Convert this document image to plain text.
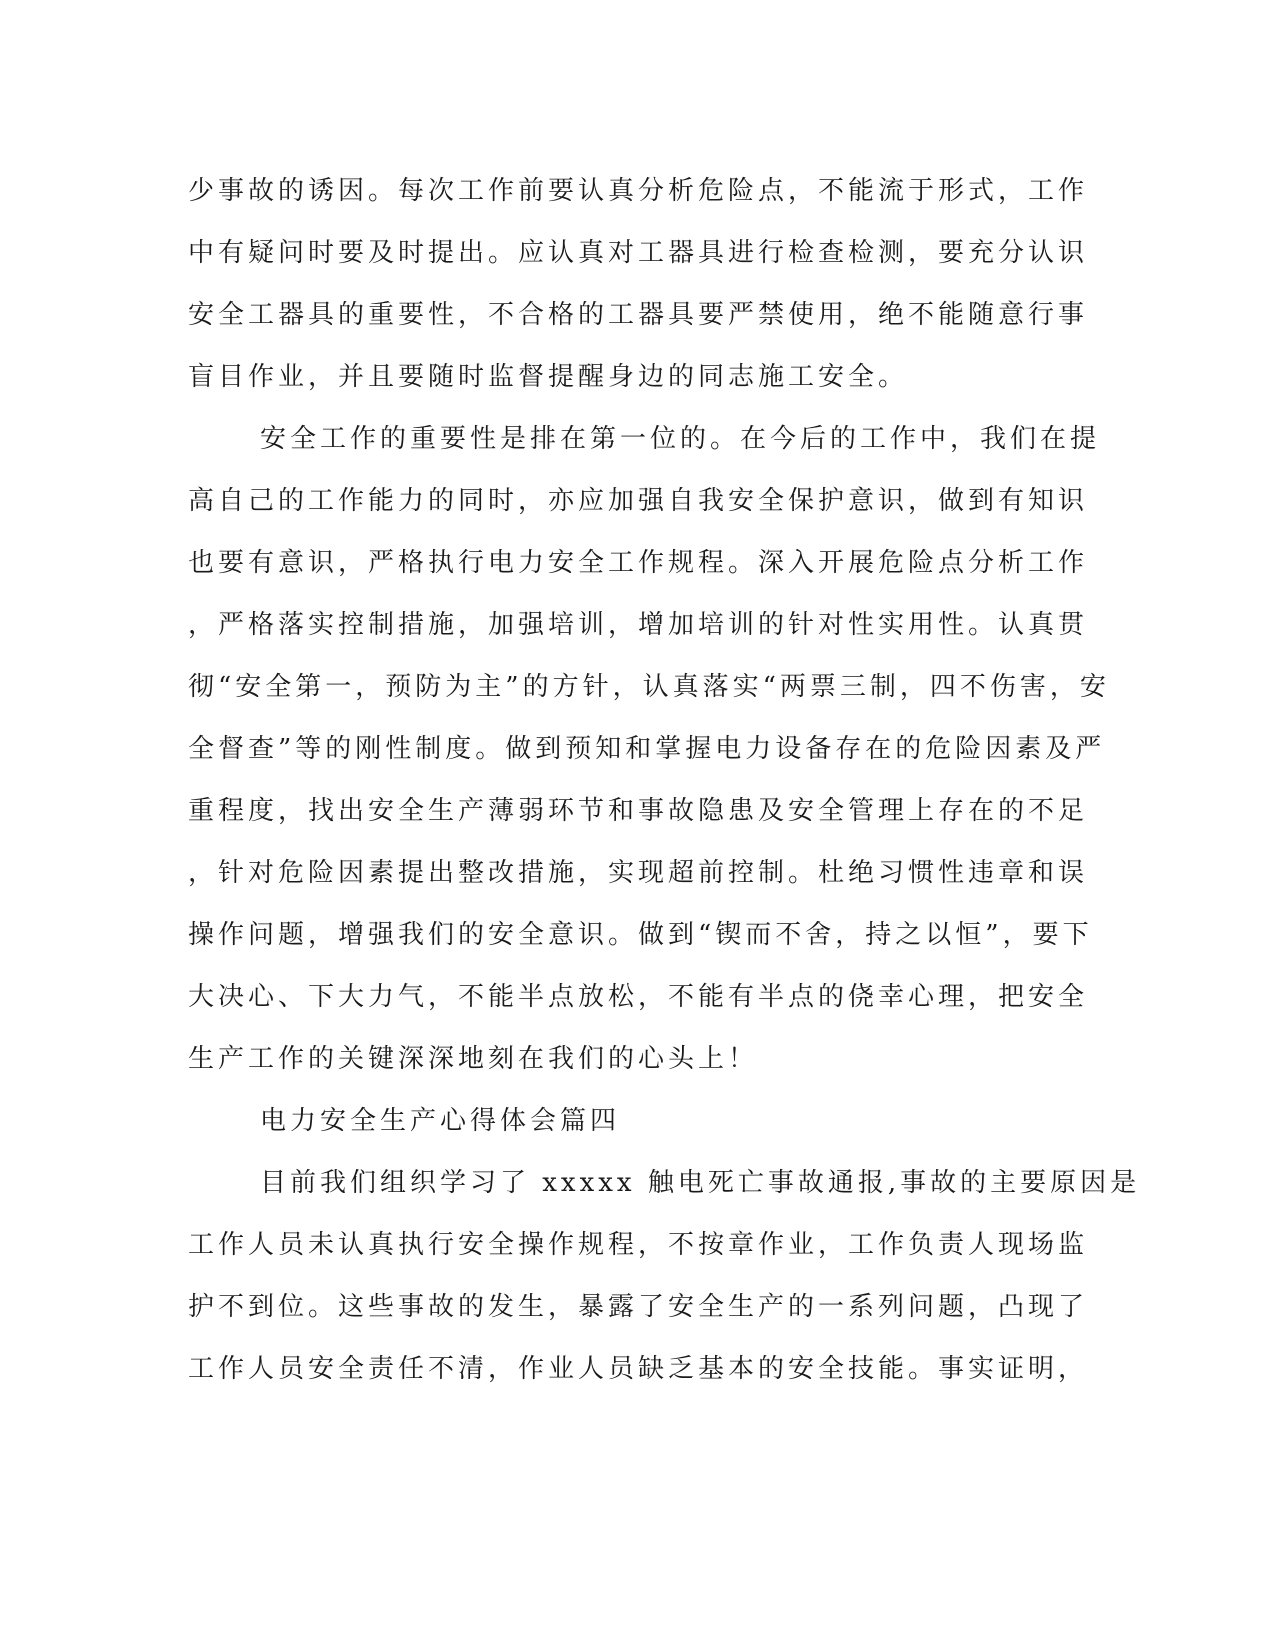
少事故的诱因。每次工作前要认真分析危险点，不能流于形式，工作
中有疑问时要及时提出。应认真对工器具进行检查检测，要充分认识
安全工器具的重要性，不合格的工器具要严禁使用，绝不能随意行事
盲目作业，并且要随时监督提醒身边的同志施工安全。
安全工作的重要性是排在第一位的。在今后的工作中，我们在提
高自己的工作能力的同时，亦应加强自我安全保护意识，做到有知识
也要有意识，严格执行电力安全工作规程。深入开展危险点分析工作
，严格落实控制措施，加强培训，增加培训的针对性实用性。认真贯
彻“安全第一，预防为主”的方针，认真落实“两票三制，四不伤害，安
全督查”等的刚性制度。做到预知和掌握电力设备存在的危险因素及严
重程度，找出安全生产薄弱环节和事故隐患及安全管理上存在的不足
，针对危险因素提出整改措施，实现超前控制。杜绝习惯性违章和误
操作问题，增强我们的安全意识。做到“锲而不舍，持之以恒”，要下
大决心、下大力气，不能半点放松，不能有半点的侥幸心理，把安全
生产工作的关键深深地刻在我们的心头上！
电力安全生产心得体会篇四
目前我们组织学习了 xxxxx 触电死亡事故通报,事故的主要原因是
工作人员未认真执行安全操作规程，不按章作业，工作负责人现场监
护不到位。这些事故的发生，暴露了安全生产的一系列问题，凸现了
工作人员安全责任不清，作业人员缺乏基本的安全技能。事实证明，
